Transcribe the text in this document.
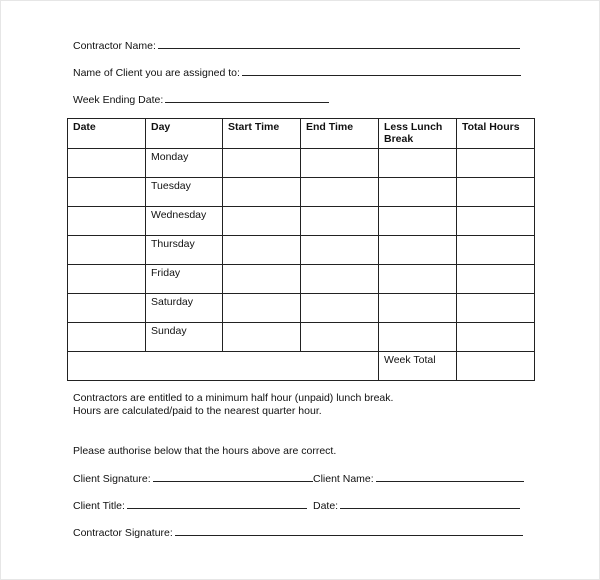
Contractor Name:
Name of Client you are assigned to:
Week Ending Date:
Date	Day	Start Time	End Time	Less Lunch Break	Total Hours
	Monday				
	Tuesday				
	Wednesday				
	Thursday				
	Friday				
	Saturday				
	Sunday				
				Week Total	
Contractors are entitled to a minimum half hour (unpaid) lunch break.
Hours are calculated/paid to the nearest quarter hour.
Please authorise below that the hours above are correct.
Client Signature:	Client Name:
Client Title:	Date:
Contractor Signature:
